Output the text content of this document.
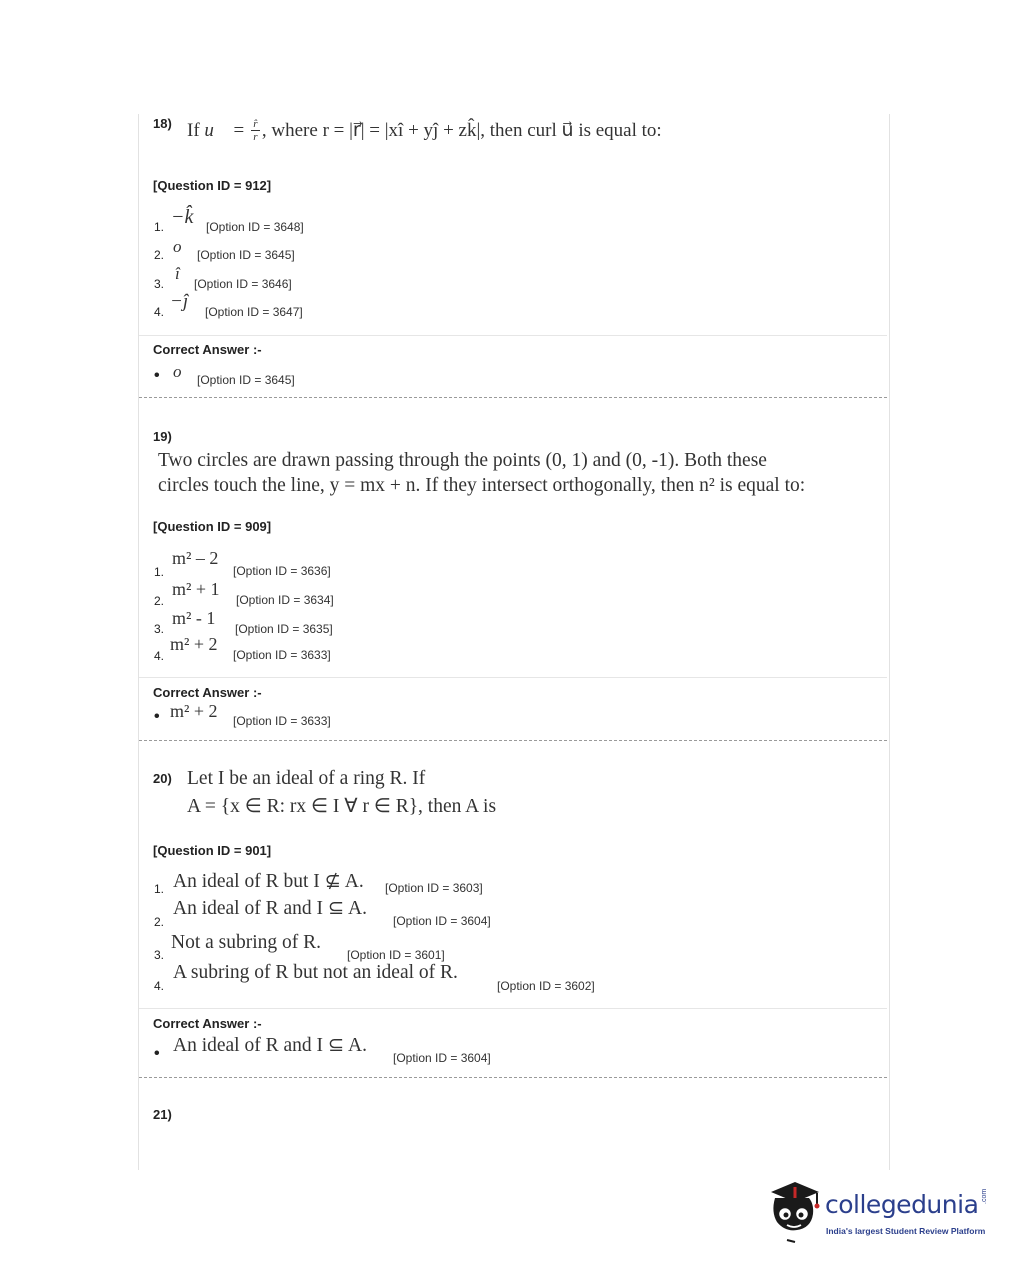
18) If u⃗ = r̂
r , where r = |r⃗| = |xî + yĵ + zk̂|, then curl u⃗ is equal to:
[Question ID = 912]
1. −k̂ [Option ID = 3648]
2. o⃗ [Option ID = 3645]
3.
î
[Option ID = 3646]
4. −ĵ [Option ID = 3647]
Correct Answer :-
• o⃗ [Option ID = 3645]
19)
Two circles are drawn passing through the points (0, 1) and (0, -1). Both these
circles touch the line, y = mx + n. If they intersect orthogonally, then n² is equal to:
[Question ID = 909]
1.
m² – 2
[Option ID = 3636]
2.
m² + 1
[Option ID = 3634]
3.
m² - 1
[Option ID = 3635]
4.
m² + 2
[Option ID = 3633]
Correct Answer :-
• m² + 2 [Option ID = 3633]
20) Let I be an ideal of a ring R. If
A = {x ∈ R: rx ∈ I ∀ r ∈ R}, then A is
[Question ID = 901]
1. An ideal of R but I ⊈ A. [Option ID = 3603]
2.
An ideal of R and I ⊆ A.
[Option ID = 3604]
3.
Not a subring of R.
[Option ID = 3601]
4.
A subring of R but not an ideal of R.
[Option ID = 3602]
Correct Answer :-
• An ideal of R and I ⊆ A.
[Option ID = 3604]
21)
collegedunia .com
India's largest Student Review Platform
